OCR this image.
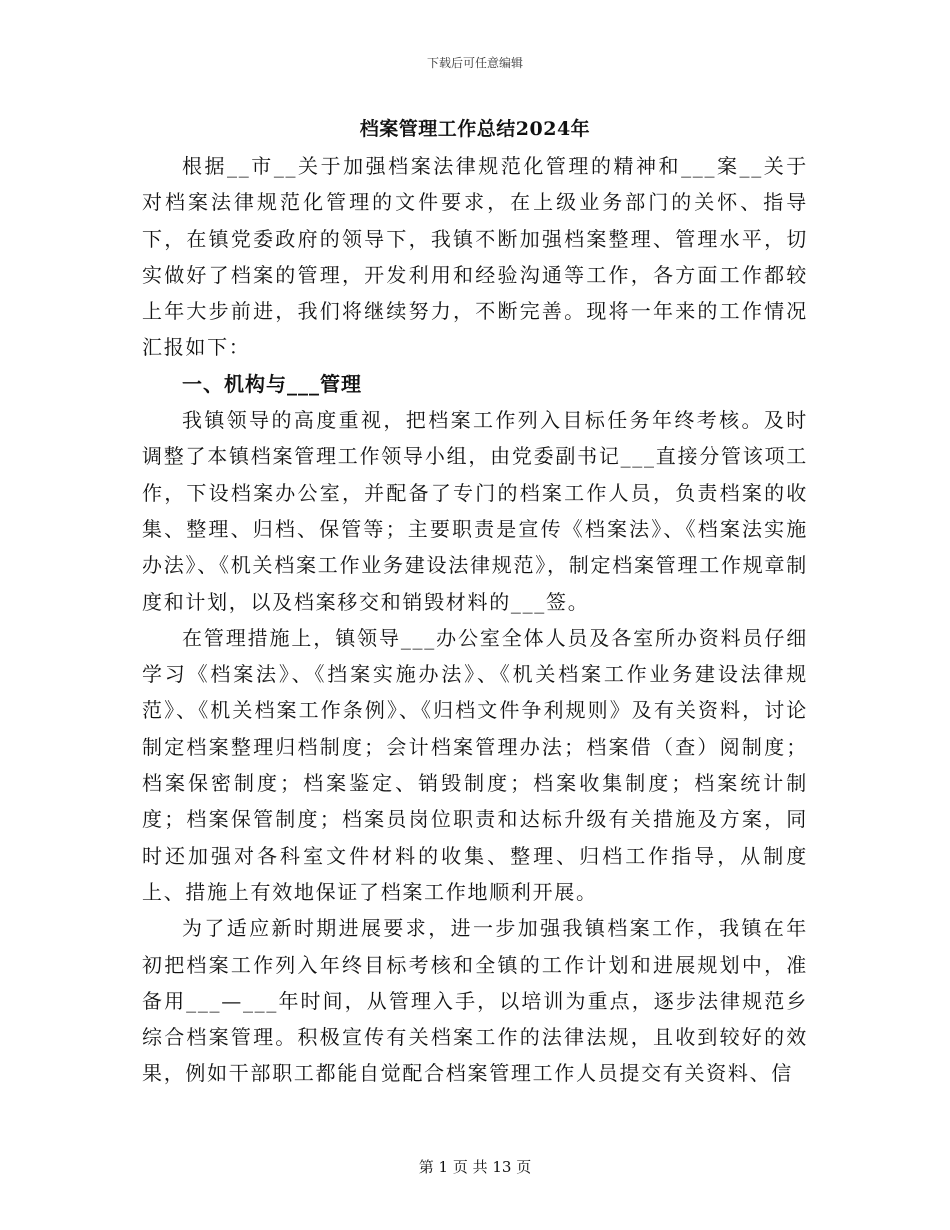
下载后可任意编辑
档案管理工作总结2024年

根据__市__关于加强档案法律规范化管理的精神和___案__关于对档案法律规范化管理的文件要求，在上级业务部门的关怀、指导下，在镇党委政府的领导下，我镇不断加强档案整理、管理水平，切实做好了档案的管理，开发利用和经验沟通等工作，各方面工作都较上年大步前进，我们将继续努力，不断完善。现将一年来的工作情况汇报如下：

一、机构与___管理

我镇领导的高度重视，把档案工作列入目标任务年终考核。及时调整了本镇档案管理工作领导小组，由党委副书记___直接分管该项工作，下设档案办公室，并配备了专门的档案工作人员，负责档案的收集、整理、归档、保管等；主要职责是宣传《档案法》、《档案法实施办法》、《机关档案工作业务建设法律规范》，制定档案管理工作规章制度和计划，以及档案移交和销毁材料的___签。

在管理措施上，镇领导___办公室全体人员及各室所办资料员仔细学习《档案法》、《挡案实施办法》、《机关档案工作业务建设法律规范》、《机关档案工作条例》、《归档文件争利规则》及有关资料，讨论制定档案整理归档制度；会计档案管理办法；档案借（查）阅制度；档案保密制度；档案鉴定、销毁制度；档案收集制度；档案统计制度；档案保管制度；档案员岗位职责和达标升级有关措施及方案，同时还加强对各科室文件材料的收集、整理、归档工作指导，从制度上、措施上有效地保证了档案工作地顺利开展。

为了适应新时期进展要求，进一步加强我镇档案工作，我镇在年初把档案工作列入年终目标考核和全镇的工作计划和进展规划中，准备用___—___年时间，从管理入手，以培训为重点，逐步法律规范乡综合档案管理。积极宣传有关档案工作的法律法规，且收到较好的效果，例如干部职工都能自觉配合档案管理工作人员提交有关资料、信

第 1 页 共 13 页
